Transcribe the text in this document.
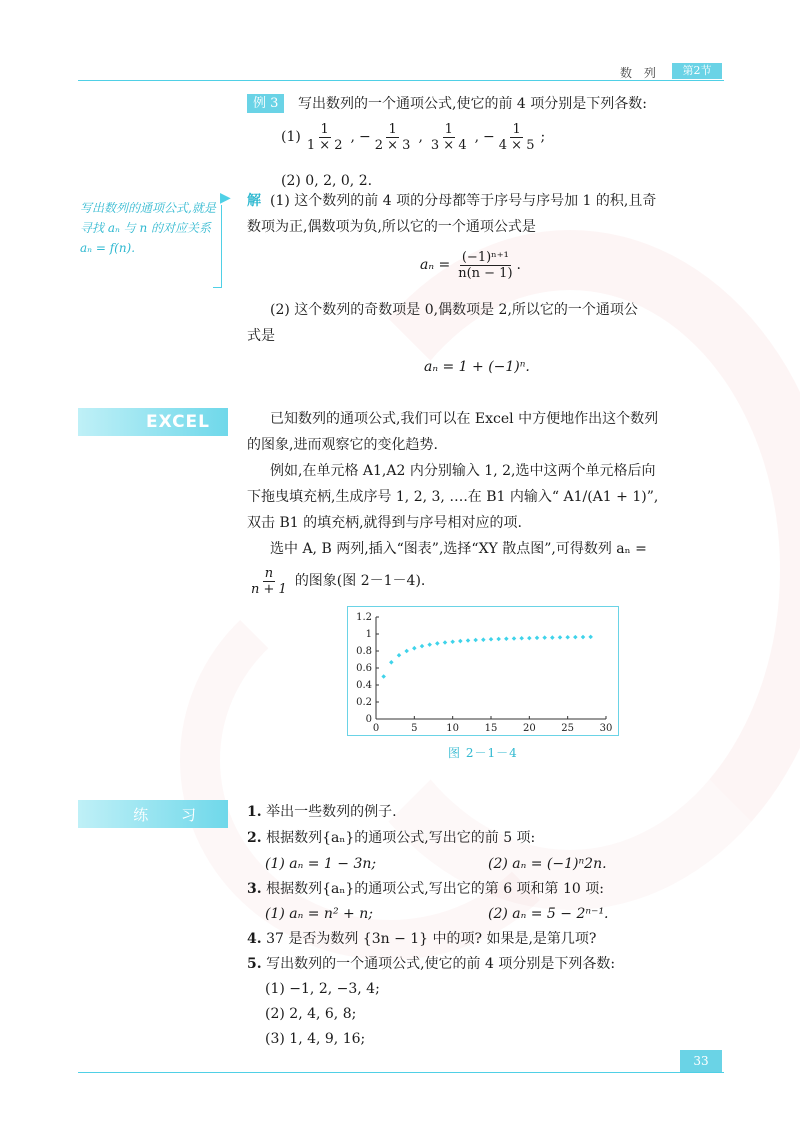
数 列	第2节
例 3	写出数列的一个通项公式,使它的前 4 项分别是下列各数:
$(1) \frac{1}{1 \times 2}$ , − $\frac{1}{2 \times 3}$ , $\frac{1}{3 \times 4}$ , − $\frac{1}{4 \times 5}$ ;
(2) 0, 2, 0, 2.
写出数列的通项公式,就是寻找 aₙ 与 n 的对应关系 aₙ = f(n).
▶ 解 (1) 这个数列的前 4 项的分母都等于序号与序号加 1 的积,且奇
数项为正,偶数项为负,所以它的一个通项公式是
$a_n = \frac{\text{(−1)ⁿ⁺¹}}{n(n - 1)}$ .
(2) 这个数列的奇数项是 0,偶数项是 2,所以它的一个通项公
式是
aₙ = 1 + (−1)ⁿ.
EXCEL	已知数列的通项公式,我们可以在 Excel 中方便地作出这个数列
的图象,进而观察它的变化趋势.
例如,在单元格 A1,A2 内分别输入 1, 2,选中这两个单元格后向
下拖曳填充柄,生成序号 1, 2, 3, ….在 B1 内输入“ A1/(A1 + 1)”,
双击 B1 的填充柄,就得到与序号相对应的项.
选中 A, B 两列,插入“图表”,选择“XY 散点图”,可得数列 aₙ =
$\frac{n}{n + 1}$ 的图象(图 2－1－4).
0
0.2
0.4
0.6
0.8
1
1.2
0	5	10	15	20	25	30
图 2－1－4
练 习	1. 举出一些数列的例子.
2. 根据数列{aₙ}的通项公式,写出它的前 5 项:
(1) aₙ = 1 − 3n;	(2) aₙ = (−1)ⁿ2n.
3. 根据数列{aₙ}的通项公式,写出它的第 6 项和第 10 项:
(1) aₙ = n² + n;	(2) aₙ = 5 − 2ⁿ⁻¹.
4. 37 是否为数列 {3n − 1} 中的项? 如果是,是第几项?
5. 写出数列的一个通项公式,使它的前 4 项分别是下列各数:
(1) −1, 2, −3, 4;
(2) 2, 4, 6, 8;
(3) 1, 4, 9, 16;
33
